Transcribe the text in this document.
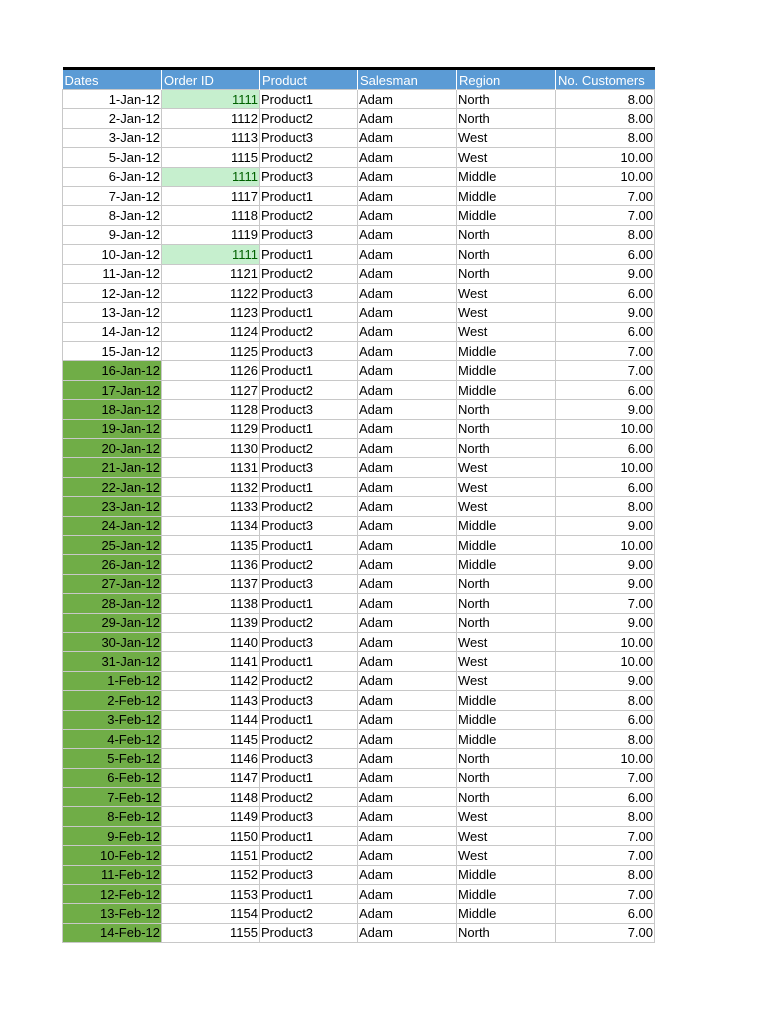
Dates	Order ID	Product	Salesman	Region	No. Customers
1-Jan-12	1111	Product1	Adam	North	8.00
2-Jan-12	1112	Product2	Adam	North	8.00
3-Jan-12	1113	Product3	Adam	West	8.00
5-Jan-12	1115	Product2	Adam	West	10.00
6-Jan-12	1111	Product3	Adam	Middle	10.00
7-Jan-12	1117	Product1	Adam	Middle	7.00
8-Jan-12	1118	Product2	Adam	Middle	7.00
9-Jan-12	1119	Product3	Adam	North	8.00
10-Jan-12	1111	Product1	Adam	North	6.00
11-Jan-12	1121	Product2	Adam	North	9.00
12-Jan-12	1122	Product3	Adam	West	6.00
13-Jan-12	1123	Product1	Adam	West	9.00
14-Jan-12	1124	Product2	Adam	West	6.00
15-Jan-12	1125	Product3	Adam	Middle	7.00
16-Jan-12	1126	Product1	Adam	Middle	7.00
17-Jan-12	1127	Product2	Adam	Middle	6.00
18-Jan-12	1128	Product3	Adam	North	9.00
19-Jan-12	1129	Product1	Adam	North	10.00
20-Jan-12	1130	Product2	Adam	North	6.00
21-Jan-12	1131	Product3	Adam	West	10.00
22-Jan-12	1132	Product1	Adam	West	6.00
23-Jan-12	1133	Product2	Adam	West	8.00
24-Jan-12	1134	Product3	Adam	Middle	9.00
25-Jan-12	1135	Product1	Adam	Middle	10.00
26-Jan-12	1136	Product2	Adam	Middle	9.00
27-Jan-12	1137	Product3	Adam	North	9.00
28-Jan-12	1138	Product1	Adam	North	7.00
29-Jan-12	1139	Product2	Adam	North	9.00
30-Jan-12	1140	Product3	Adam	West	10.00
31-Jan-12	1141	Product1	Adam	West	10.00
1-Feb-12	1142	Product2	Adam	West	9.00
2-Feb-12	1143	Product3	Adam	Middle	8.00
3-Feb-12	1144	Product1	Adam	Middle	6.00
4-Feb-12	1145	Product2	Adam	Middle	8.00
5-Feb-12	1146	Product3	Adam	North	10.00
6-Feb-12	1147	Product1	Adam	North	7.00
7-Feb-12	1148	Product2	Adam	North	6.00
8-Feb-12	1149	Product3	Adam	West	8.00
9-Feb-12	1150	Product1	Adam	West	7.00
10-Feb-12	1151	Product2	Adam	West	7.00
11-Feb-12	1152	Product3	Adam	Middle	8.00
12-Feb-12	1153	Product1	Adam	Middle	7.00
13-Feb-12	1154	Product2	Adam	Middle	6.00
14-Feb-12	1155	Product3	Adam	North	7.00
